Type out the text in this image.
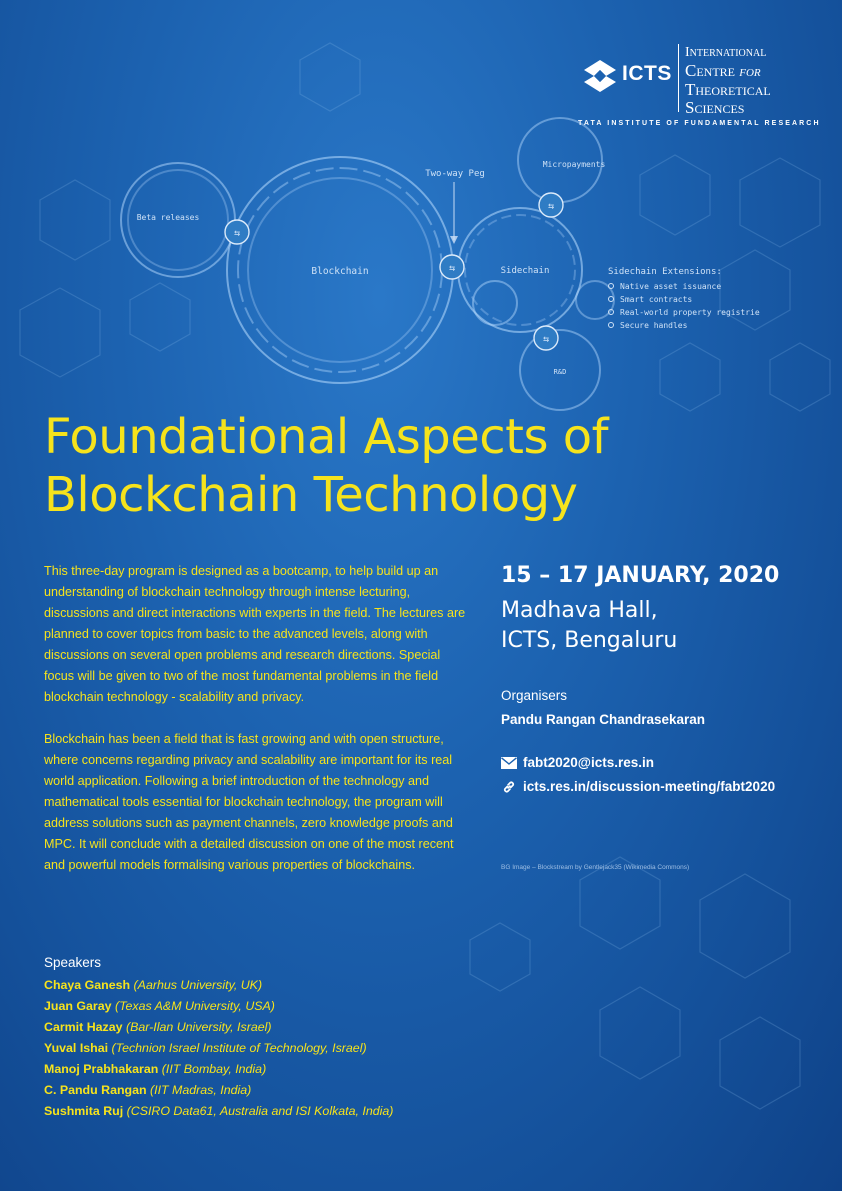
⇆
⇆
⇆
⇆
Blockchain
Beta releases
Two-way Peg
Micropayments
Sidechain
R&D
Sidechain Extensions:
Native asset issuance
Smart contracts
Real-world property registrie
Secure handles
ICTS
International
Centre for
Theoretical
Sciences
TATA INSTITUTE OF FUNDAMENTAL RESEARCH
Foundational Aspects of
Blockchain Technology

This three-day program is designed as a bootcamp, to help build up an understanding of blockchain technology through intense lecturing, discussions and direct interactions with experts in the field. The lectures are planned to cover topics from basic to the advanced levels, along with discussions on several open problems and research directions. Special focus will be given to two of the most fundamental problems in the field blockchain technology - scalability and privacy.

Blockchain has been a field that is fast growing and with open structure, where concerns regarding privacy and scalability are important for its real world application. Following a brief introduction of the technology and mathematical tools essential for blockchain technology, the program will address solutions such as payment channels, zero knowledge proofs and MPC. It will conclude with a detailed discussion on one of the most recent and powerful models formalising various properties of blockchains.

Speakers
Chaya Ganesh (Aarhus University, UK)
Juan Garay (Texas A&M University, USA)
Carmit Hazay (Bar-Ilan University, Israel)
Yuval Ishai (Technion Israel Institute of Technology, Israel)
Manoj Prabhakaran (IIT Bombay, India)
C. Pandu Rangan (IIT Madras, India)
Sushmita Ruj (CSIRO Data61, Australia and ISI Kolkata, India)
15 – 17 JANUARY, 2020
Madhava Hall,
ICTS, Bengaluru
Organisers
Pandu Rangan Chandrasekaran
fabt2020@icts.res.in
icts.res.in/discussion-meeting/fabt2020
BG Image – Blockstream by Gentlejack35 (Wikimedia Commons)
